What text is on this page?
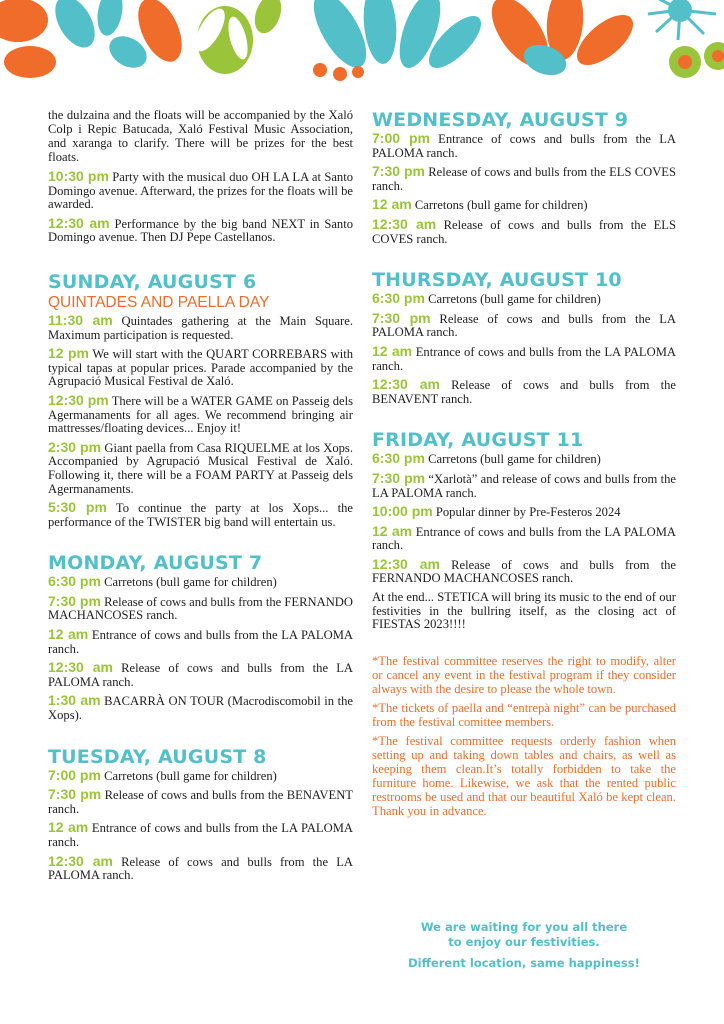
the dulzaina and the floats will be accompanied by the Xaló Colp i Repic Batucada, Xaló Festival Music Association, and xaranga to clarify. There will be prizes for the best floats.

10:30 pm Party with the musical duo OH LA LA at Santo Domingo avenue. Afterward, the prizes for the floats will be awarded.

12:30 am Performance by the big band NEXT in Santo Domingo avenue. Then DJ Pepe Castellanos.

SUNDAY, AUGUST 6
QUINTADES AND PAELLA DAY

11:30 am Quintades gathering at the Main Square. Maximum participation is requested.

12 pm We will start with the QUART CORREBARS with typical tapas at popular prices. Parade accompanied by the Agrupació Musical Festival de Xaló.

12:30 pm There will be a WATER GAME on Passeig dels Agermanaments for all ages. We recommend bringing air mattresses/floating devices... Enjoy it!

2:30 pm Giant paella from Casa RIQUELME at los Xops. Accompanied by Agrupació Musical Festival de Xaló. Following it, there will be a FOAM PARTY at Passeig dels Agermanaments.

5:30 pm To continue the party at los Xops... the performance of the TWISTER big band will entertain us.

MONDAY, AUGUST 7

6:30 pm Carretons (bull game for children)

7:30 pm Release of cows and bulls from the FERNANDO MACHANCOSES ranch.

12 am Entrance of cows and bulls from the LA PALOMA ranch.

12:30 am Release of cows and bulls from the LA PALOMA ranch.

1:30 am BACARRÀ ON TOUR (Macrodiscomobil in the Xops).

TUESDAY, AUGUST 8

7:00 pm Carretons (bull game for children)

7:30 pm Release of cows and bulls from the BENAVENT ranch.

12 am Entrance of cows and bulls from the LA PALOMA ranch.

12:30 am Release of cows and bulls from the LA PALOMA ranch.

WEDNESDAY, AUGUST 9

7:00 pm Entrance of cows and bulls from the LA PALOMA ranch.

7:30 pm Release of cows and bulls from the ELS COVES ranch.

12 am Carretons (bull game for children)

12:30 am Release of cows and bulls from the ELS COVES ranch.

THURSDAY, AUGUST 10

6:30 pm Carretons (bull game for children)

7:30 pm Release of cows and bulls from the LA PALOMA ranch.

12 am Entrance of cows and bulls from the LA PALOMA ranch.

12:30 am Release of cows and bulls from the BENAVENT ranch.

FRIDAY, AUGUST 11

6:30 pm Carretons (bull game for children)

7:30 pm “Xarlotà” and release of cows and bulls from the LA PALOMA ranch.

10:00 pm Popular dinner by Pre-Festeros 2024

12 am Entrance of cows and bulls from the LA PALOMA ranch.

12:30 am Release of cows and bulls from the FERNANDO MACHANCOSES ranch.

At the end... STETICA will bring its music to the end of our festivities in the bullring itself, as the closing act of FIESTAS 2023!!!!

*The festival committee reserves the right to modify, alter or cancel any event in the festival program if they consider always with the desire to please the whole town.

*The tickets of paella and “entrepà night” can be purchased from the festival comittee members.

*The festival committee requests orderly fashion when setting up and taking down tables and chairs, as well as keeping them clean.It’s totally forbidden to take the furniture home. Likewise, we ask that the rented public restrooms be used and that our beautiful Xaló be kept clean. Thank you in advance.

We are waiting for you all there
to enjoy our festivities.
Different location, same happiness!
